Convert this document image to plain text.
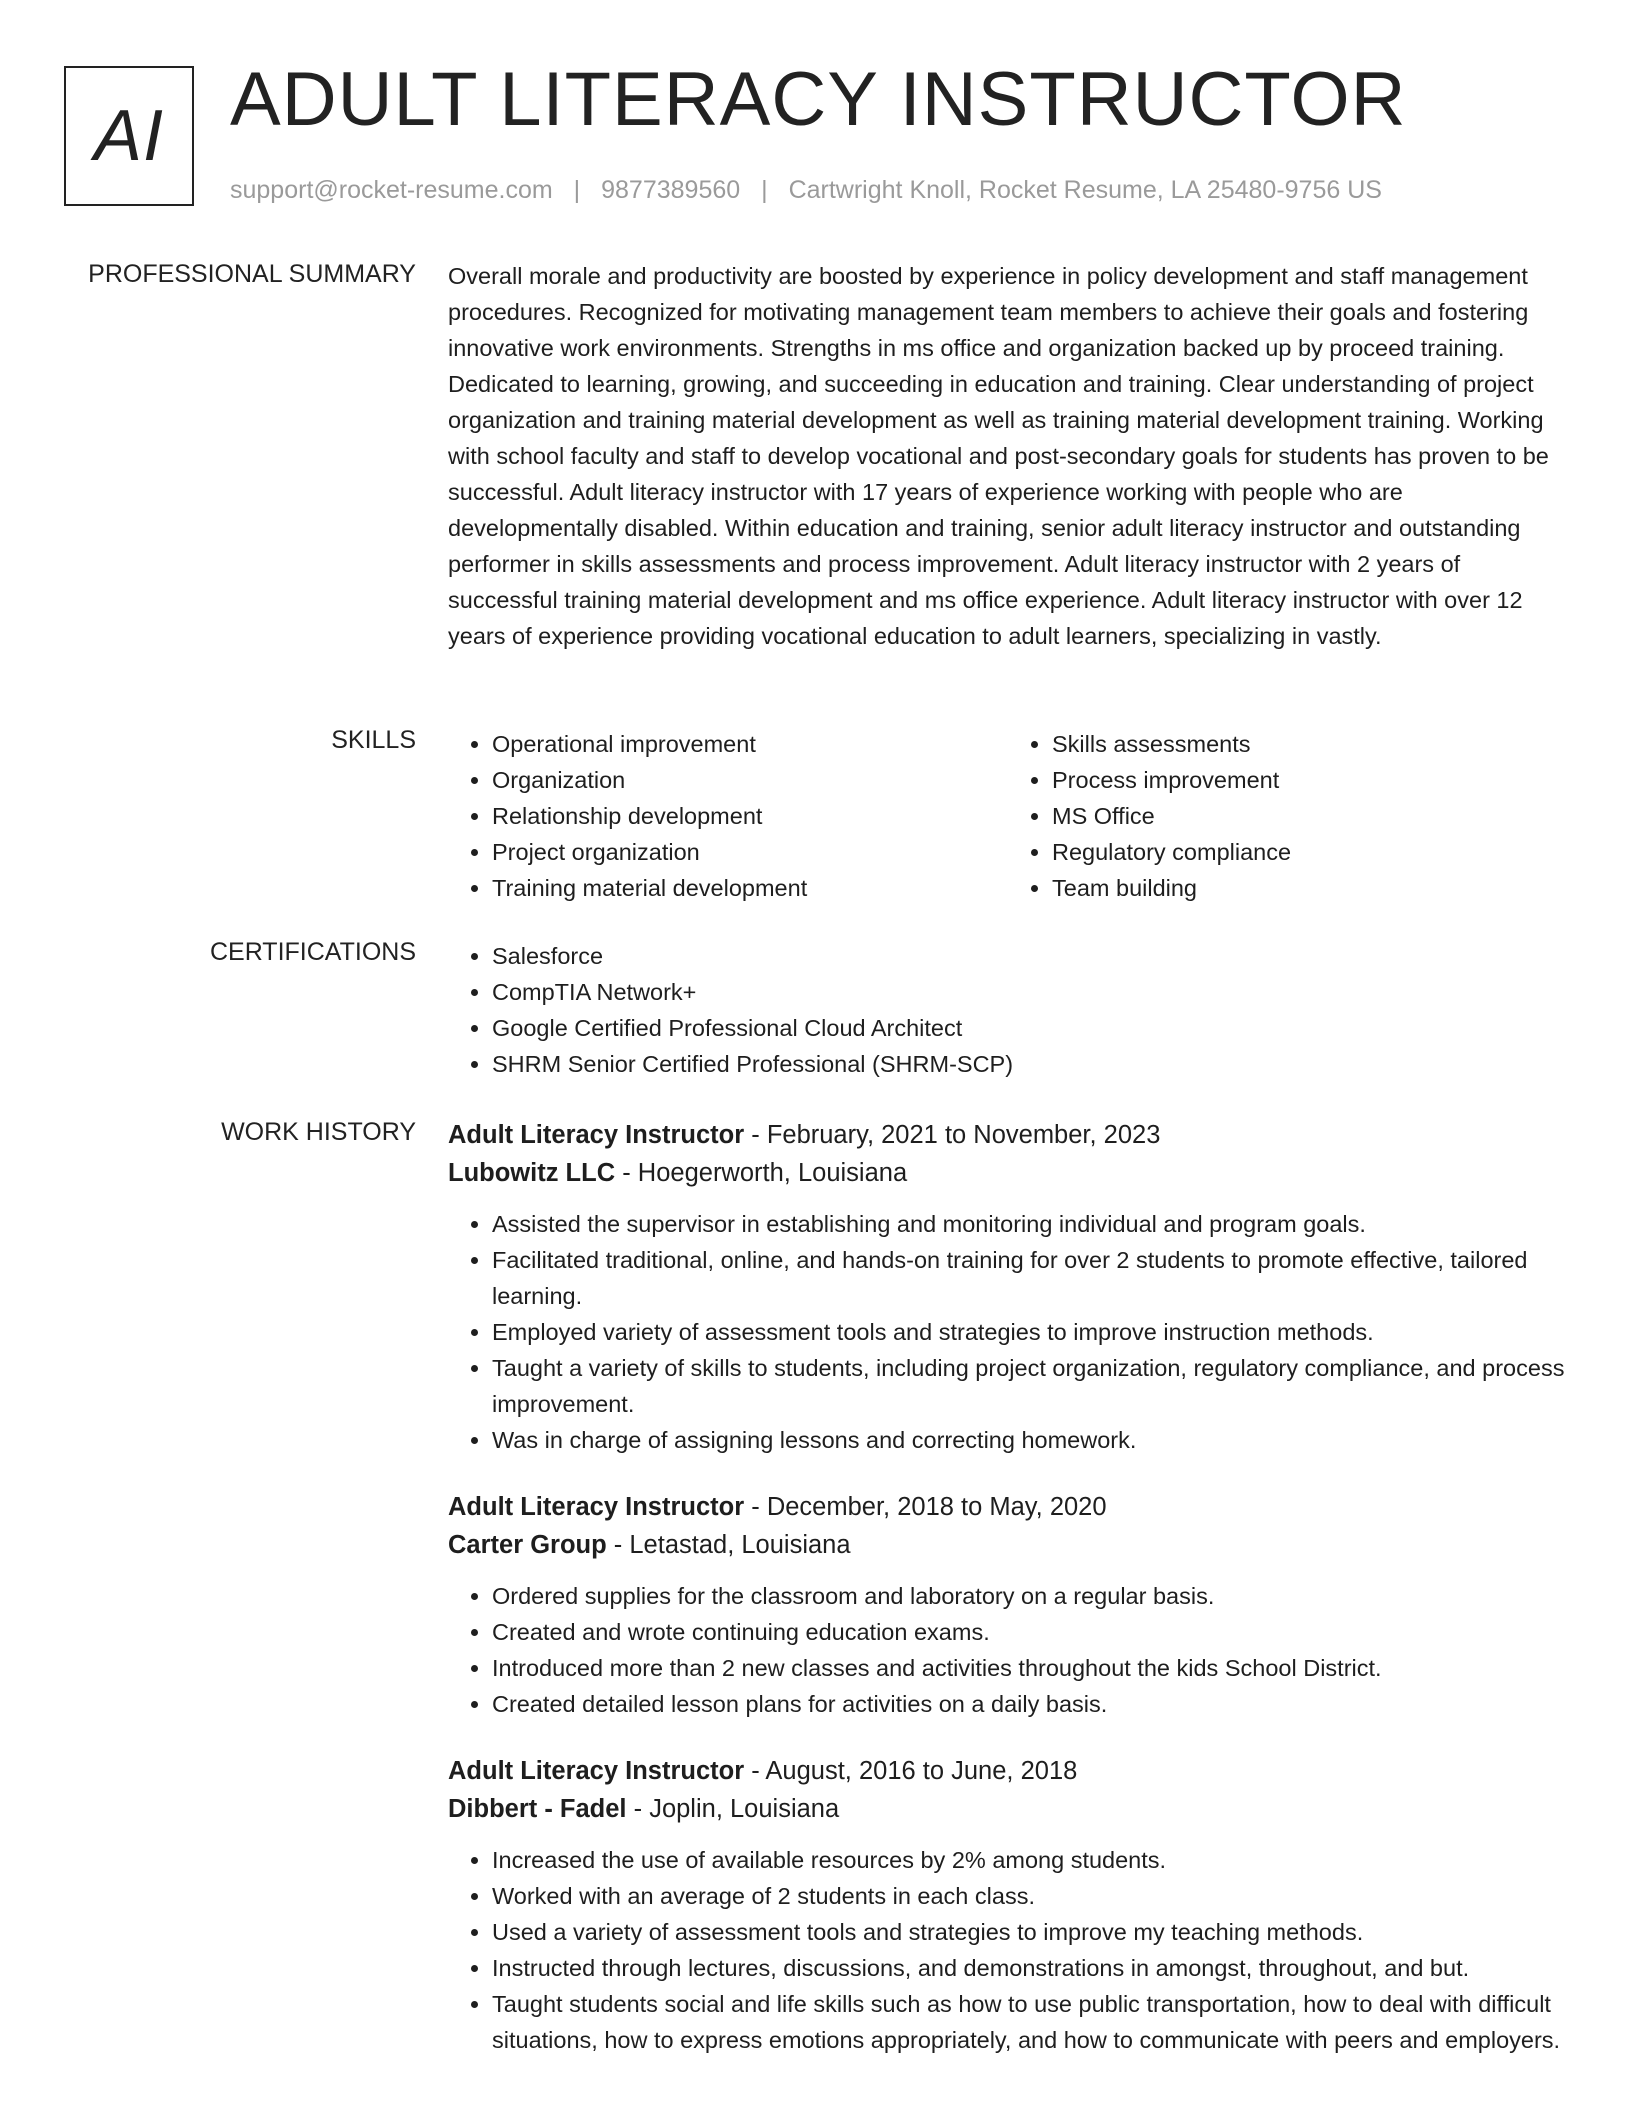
AI ADULT LITERACY INSTRUCTOR
support@rocket-resume.com | 9877389560 | Cartwright Knoll, Rocket Resume, LA 25480-9756 US
PROFESSIONAL SUMMARY Overall morale and productivity are boosted by experience in policy development and staff management procedures. Recognized for motivating management team members to achieve their goals and fostering innovative work environments. Strengths in ms office and organization backed up by proceed training. Dedicated to learning, growing, and succeeding in education and training. Clear understanding of project organization and training material development as well as training material development training. Working with school faculty and staff to develop vocational and post-secondary goals for students has proven to be successful. Adult literacy instructor with 17 years of experience working with people who are developmentally disabled. Within education and training, senior adult literacy instructor and outstanding performer in skills assessments and process improvement. Adult literacy instructor with 2 years of successful training material development and ms office experience. Adult literacy instructor with over 12 years of experience providing vocational education to adult learners, specializing in vastly.

SKILLS	• Operational improvement
• Organization
• Relationship development
• Project organization
• Training material development
• Skills assessments
• Process improvement
• MS Office
• Regulatory compliance
• Team building
CERTIFICATIONS	• Salesforce
• CompTIA Network+
• Google Certified Professional Cloud Architect
• SHRM Senior Certified Professional (SHRM-SCP)
WORK HISTORY Adult Literacy Instructor - February, 2021 to November, 2023
Lubowitz LLC - Hoegerworth, Louisiana
• Assisted the supervisor in establishing and monitoring individual and program goals.
• Facilitated traditional, online, and hands-on training for over 2 students to promote effective, tailored learning.
• Employed variety of assessment tools and strategies to improve instruction methods.
• Taught a variety of skills to students, including project organization, regulatory compliance, and process improvement.
• Was in charge of assigning lessons and correcting homework.
Adult Literacy Instructor - December, 2018 to May, 2020
Carter Group - Letastad, Louisiana
• Ordered supplies for the classroom and laboratory on a regular basis.
• Created and wrote continuing education exams.
• Introduced more than 2 new classes and activities throughout the kids School District.
• Created detailed lesson plans for activities on a daily basis.
Adult Literacy Instructor - August, 2016 to June, 2018
Dibbert - Fadel - Joplin, Louisiana
• Increased the use of available resources by 2% among students.
• Worked with an average of 2 students in each class.
• Used a variety of assessment tools and strategies to improve my teaching methods.
• Instructed through lectures, discussions, and demonstrations in amongst, throughout, and but.
• Taught students social and life skills such as how to use public transportation, how to deal with difficult situations, how to express emotions appropriately, and how to communicate with peers and employers.
